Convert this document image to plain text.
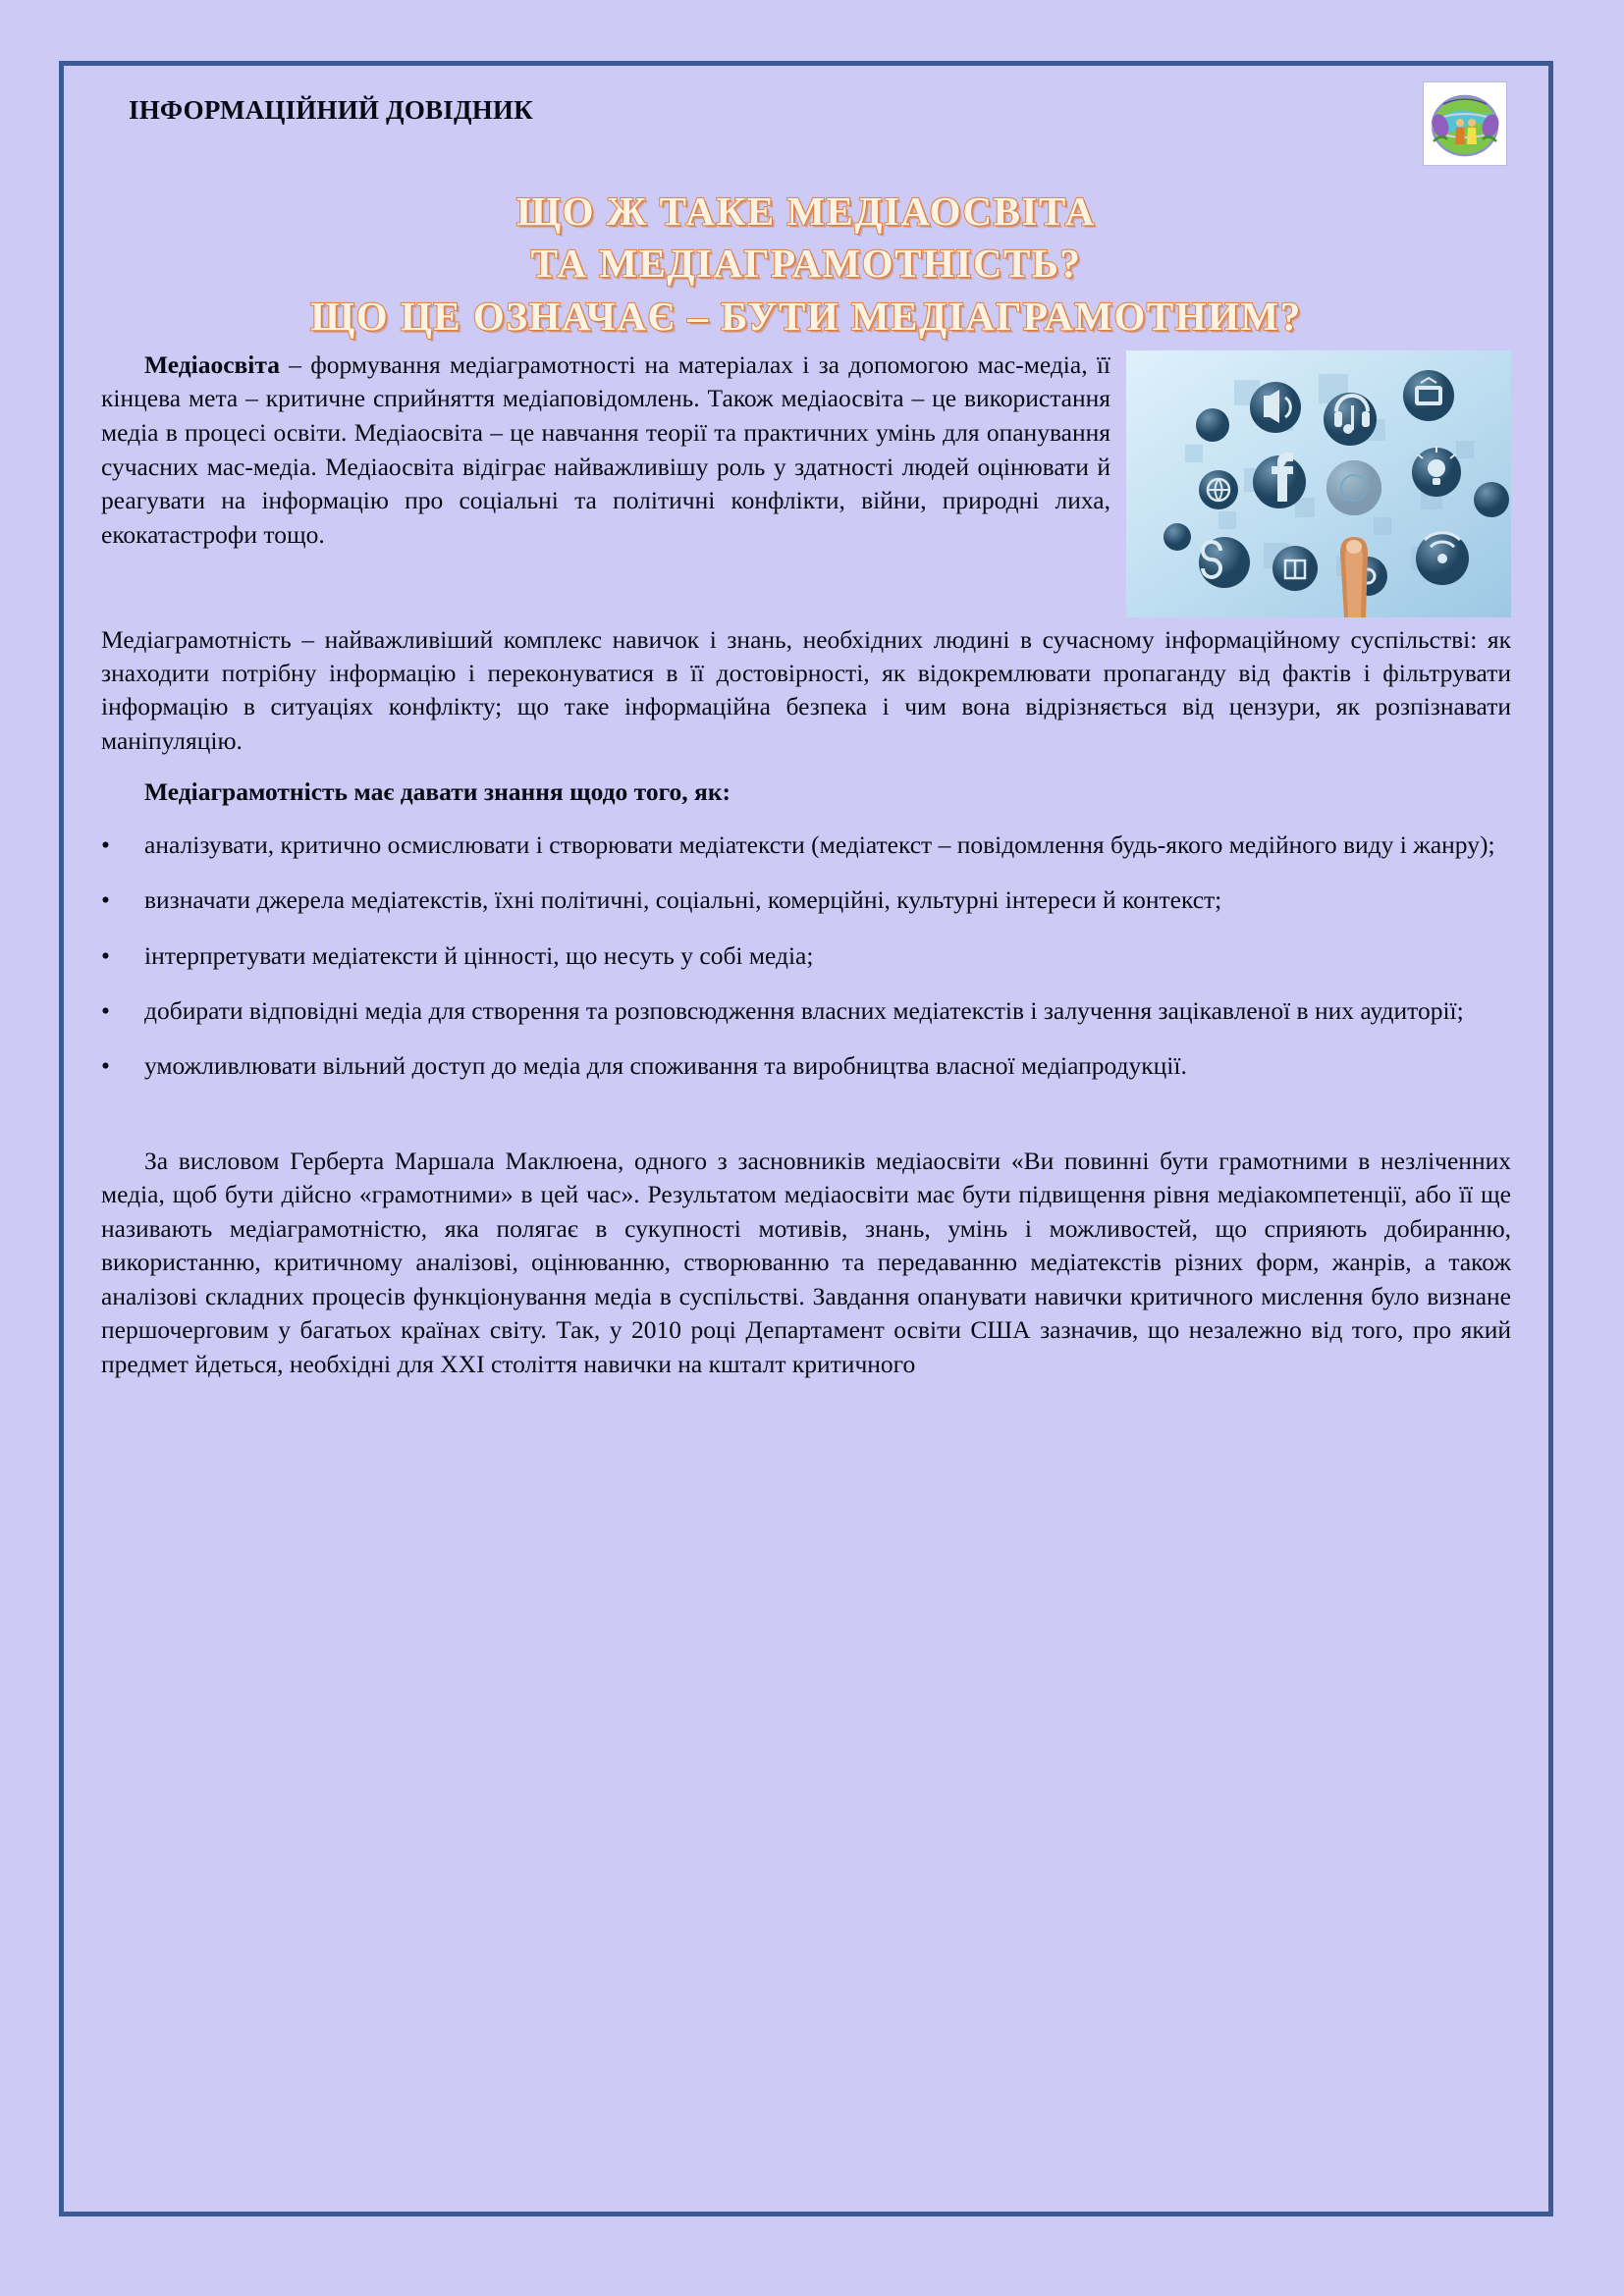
ІНФОРМАЦІЙНИЙ ДОВІДНИК
ЩО Ж ТАКЕ МЕДІАОСВІТА
ТА МЕДІАГРАМОТНІСТЬ?
ЩО ЦЕ ОЗНАЧАЄ – БУТИ МЕДІАГРАМОТНИМ?

Медіаосвіта – формування медіаграмотності на матеріалах і за допомогою мас-медіа, її кінцева мета – критичне сприйняття медіаповідомлень. Також медіаосвіта – це використання медіа в процесі освіти. Медіаосвіта – це навчання теорії та практичних умінь для опанування сучасних мас-медіа. Медіаосвіта відіграє найважливішу роль у здатності людей оцінювати й реагувати на інформацію про соціальні та політичні конфлікти, війни, природні лиха, екокатастрофи тощо.

Медіаграмотність – найважливіший комплекс навичок і знань, необхідних людині в сучасному інформаційному суспільстві: як знаходити потрібну інформацію і переконуватися в її достовірності, як відокремлювати пропаганду від фактів і фільтрувати інформацію в ситуаціях конфлікту; що таке інформаційна безпека і чим вона відрізняється від цензури, як розпізнавати маніпуляцію.

Медіаграмотність має давати знання щодо того, як:

• аналізувати, критично осмислювати і створювати медіатексти (медіатекст – повідомлення будь-якого медійного виду і жанру);
• визначати джерела медіатекстів, їхні політичні, соціальні, комерційні, культурні інтереси й контекст;
• інтерпретувати медіатексти й цінності, що несуть у собі медіа;
• добирати відповідні медіа для створення та розповсюдження власних медіатекстів і залучення зацікавленої в них аудиторії;
• уможливлювати вільний доступ до медіа для споживання та виробництва власної медіапродукції.

За висловом Герберта Маршала Маклюена, одного з засновників медіаосвіти «Ви повинні бути грамотними в незліченних медіа, щоб бути дійсно «грамотними» в цей час». Результатом медіаосвіти має бути підвищення рівня медіакомпетенції, або її ще називають медіаграмотністю, яка полягає в сукупності мотивів, знань, умінь і можливостей, що сприяють добиранню, використанню, критичному аналізові, оцінюванню, створюванню та передаванню медіатекстів різних форм, жанрів, а також аналізові складних процесів функціонування медіа в суспільстві. Завдання опанувати навички критичного мислення було визнане першочерговим у багатьох країнах світу. Так, у 2010 році Департамент освіти США зазначив, що незалежно від того, про який предмет йдеться, необхідні для XXI століття навички на кшталт критичного
